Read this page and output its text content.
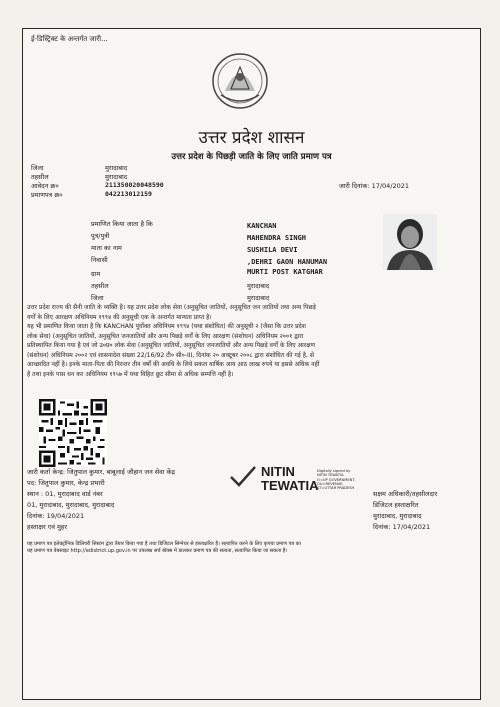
ई-डिस्ट्रिक्ट के अन्तर्गत जारी...
उत्तर प्रदेश शासन
उत्तर प्रदेश के पिछड़ी जाति के लिए जाति प्रमाण पत्र
जिला	मुरादाबाद
तहसील	मुरादाबाद
आवेदन क्र०	211350020048590
प्रमाणपत्र क्र०	042213012159
जारी दिनांक: 17/04/2021
प्रमाणित किया जाता है कि	KANCHAN
पुत्र/पुत्री	MAHENDRA SINGH
माता का नाम	SUSHILA DEVI
निवासी	,DEHRI GAON HANUMAN
MURTI POST KATGHAR
ग्राम
तहसील	मुरादाबाद
जिला	मुरादाबाद

उत्तर प्रदेश राज्य की सैनी जाति के व्यक्ति है। यह उत्तर प्रदेश लोक सेवा (अनुसूचित जातियों, अनुसूचित जन जातियों तथा अन्य पिछड़े

वर्गों के लिए आरक्षण अधिनियम १९९४ की अनुसूची एक के अन्तर्गत मान्यता प्राप्त है।

यह भी प्रमाणित किया जाता है कि KANCHAN पूर्वोक्त अधिनियम १९९४ (यथा संशोधित) की अनुसूची २ (जैसा कि उत्तर प्रदेश

लोक सेवा) (अनुसूचित जातियों, अनुसूचित जनजातियों और अन्य पिछड़े वर्गों के लिए आरक्षण (संशोधन) अधिनियम २००१ द्वारा

प्रतिस्थापित किया गया है एवं जो उ०प्र० लोक सेवा (अनुसूचित जातियों, अनुसूचित जनजातियों और अन्य पिछड़े वर्गों के लिए आरक्षण

(संशोधन) अधिनियम २००२ एवं शासनादेश संख्या 22/16/92 टी० सी०-III, दिनांक २० अक्टूबर २००८ द्वारा संशोधित की गई है, से

आच्छादित नहीं है। इनके माता-पिता की निरन्तर तीन वर्षों की अवधि के लिये सकल वार्षिक आय आठ लाख रुपये या इससे अधिक नहीं

है तथा इनके पास धन कर अधिनियम १९५७ में यथा विहित छूट सीमा से अधिक सम्पत्ति नहीं है।

जारी कर्ता केन्द्र: जितुपाल कुमार, बाबूलाई जौहान जन सेवा केंद्र
पद: जितुपाल कुमार, केन्द्र प्रभारी
स्थान : 01, मुरादाबाद वार्ड नंबर
01, मुरादाबाद, मुरादाबाद, मुरादाबाद
दिनांक: 19/04/2021
हस्ताक्षर एवं मुहर
NITIN
TEWATIA
Digitally signed by
NITIN TEWATIA
O=UP GOVERNMENT,
OU=REVENUE,
ST=UTTAR PRADESH
सक्षम अधिकारी/तहसीलदार
डिजिटल हस्ताक्षरित
मुरादाबाद, मुरादाबाद
दिनांक: 17/04/2021

यह प्रमाण पत्र इलेक्ट्रॉनिक डिलिवरी सिस्टम द्वारा तैयार किया गया है तथा डिजिटल सिग्नेचर से हस्ताक्षरित है। सत्यापित करने के लिए कृपया प्रमाण पत्र का

यह प्रमाण पत्र वेबसाइट http://edistrict.up.gov.in पर उपलब्ध सर्च बॉक्स में डालकर प्रमाण पत्र की सत्यता, सत्यापित किया जा सकता है।
